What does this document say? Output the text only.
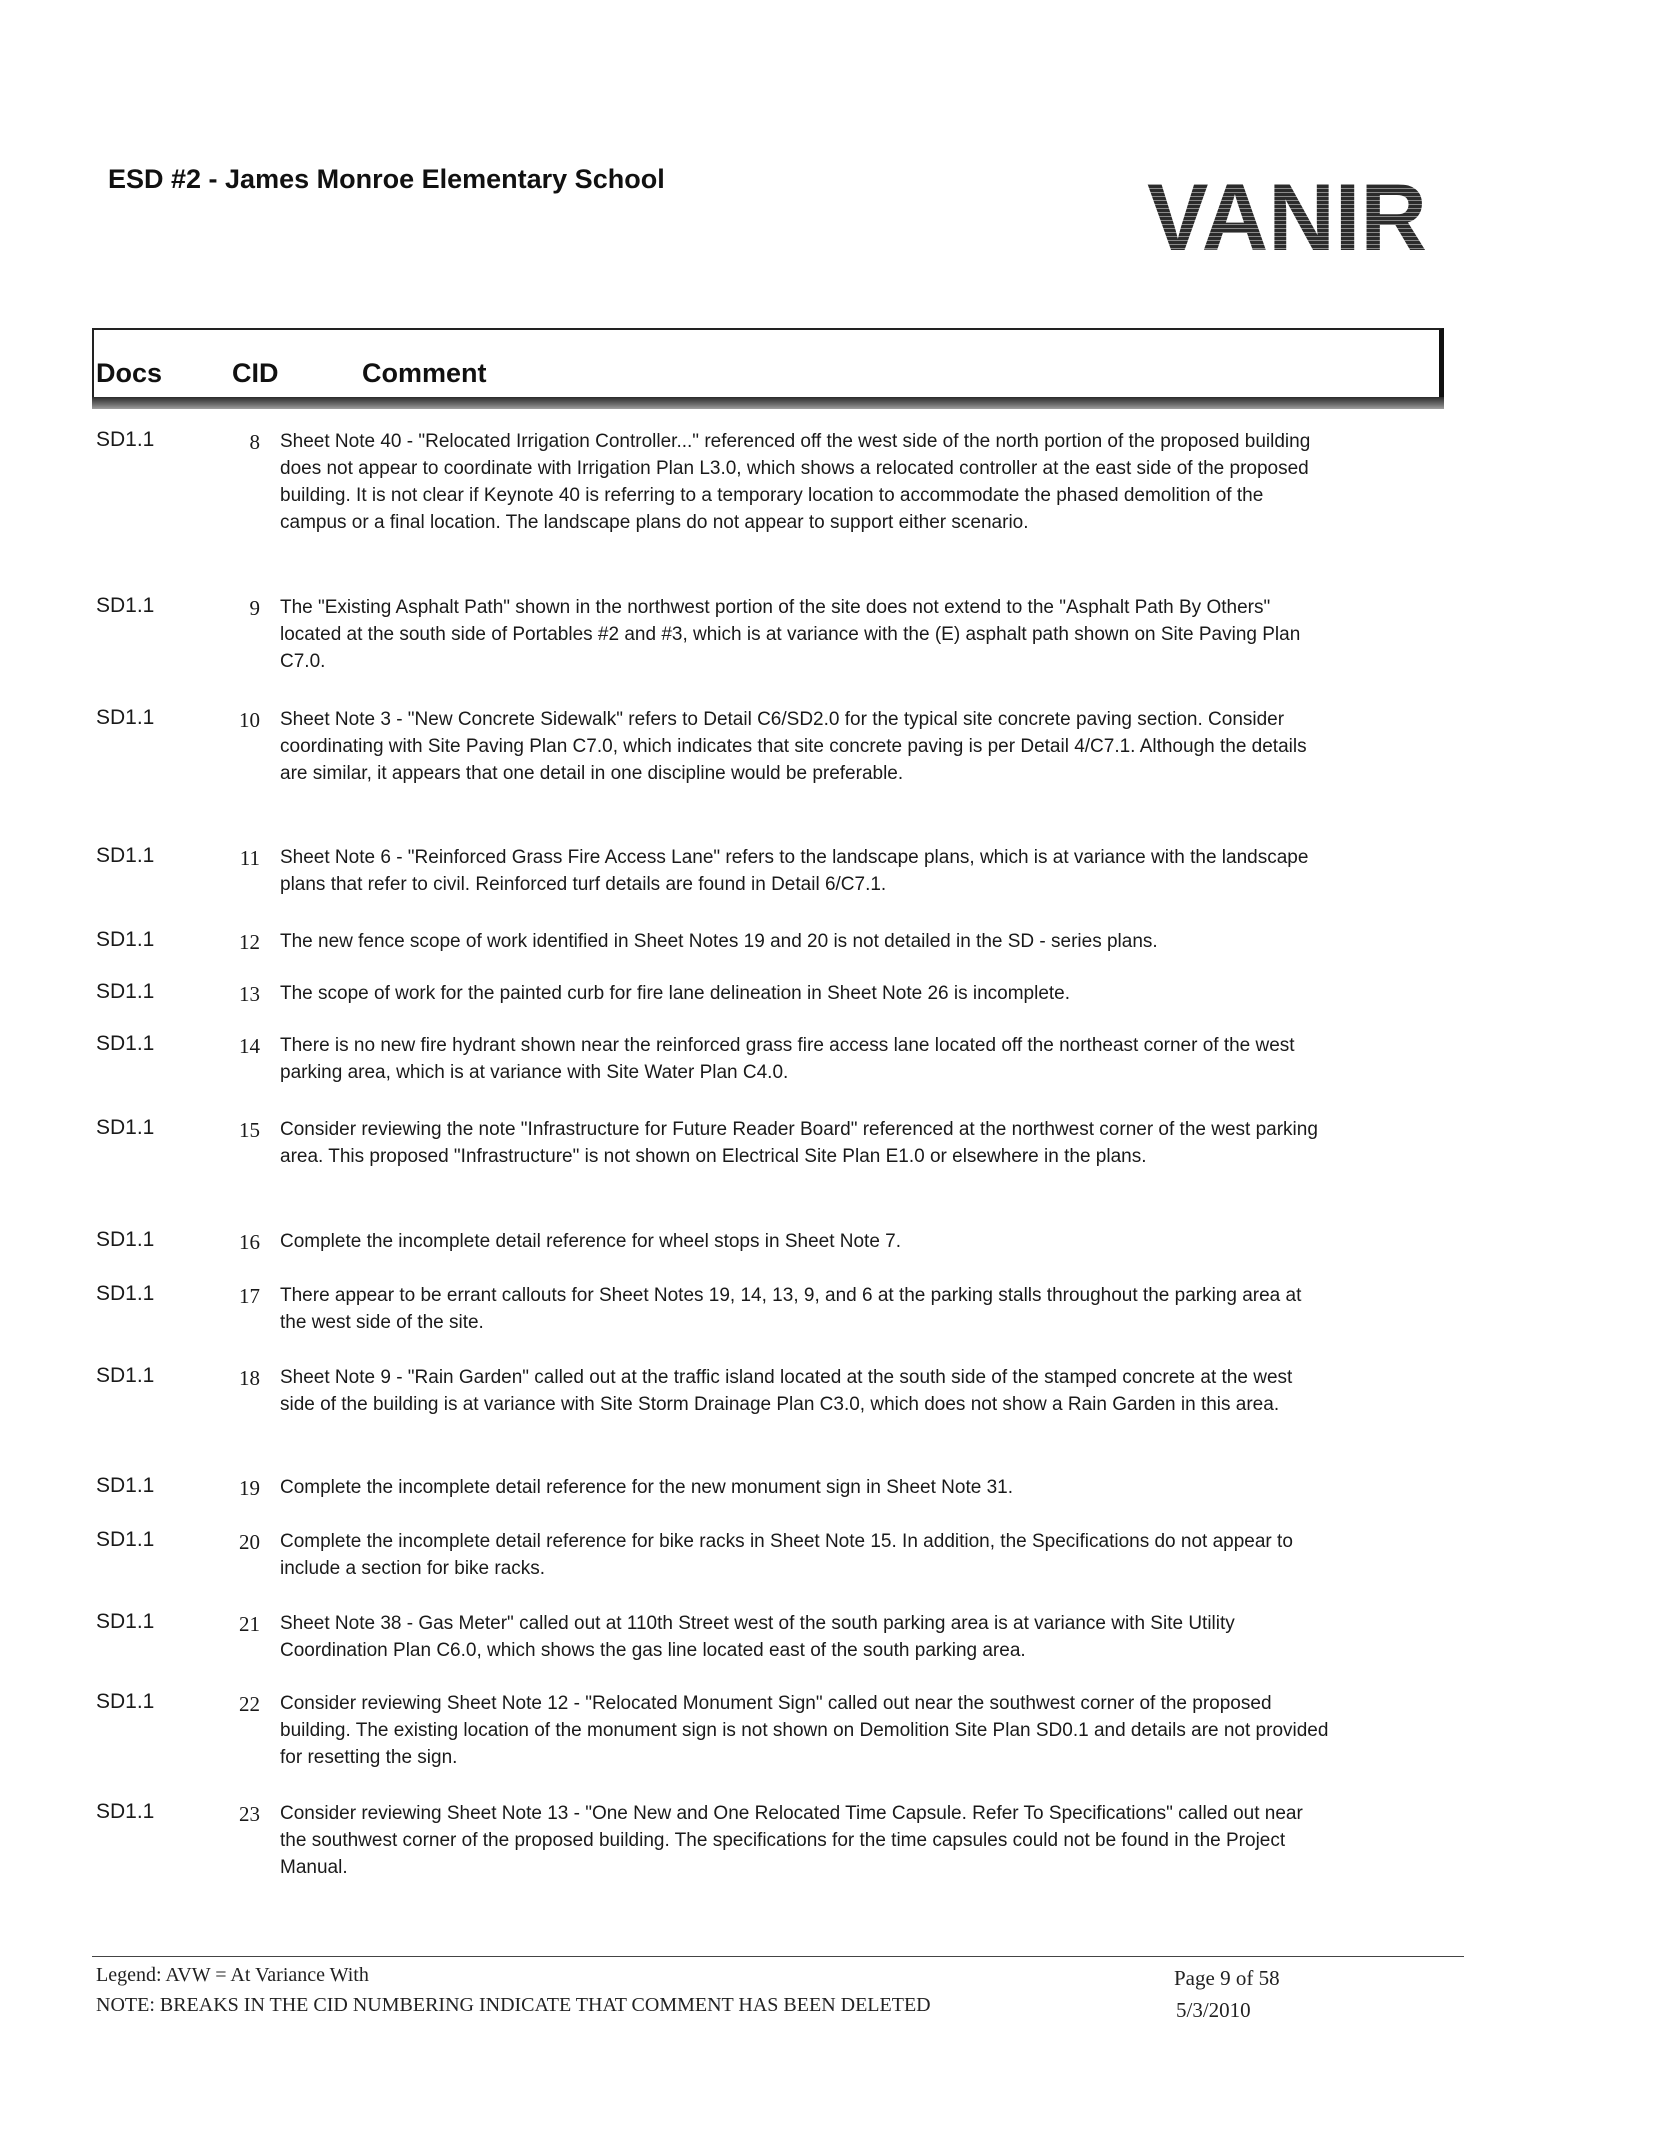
ESD #2 - James Monroe Elementary School	VANIR
Docs	CID	Comment
SD1.1	8 Sheet Note 40 - "Relocated Irrigation Controller..." referenced off the west side of the north portion of the proposed building does not appear to coordinate with Irrigation Plan L3.0, which shows a relocated controller at the east side of the proposed building. It is not clear if Keynote 40 is referring to a temporary location to accommodate the phased demolition of the campus or a final location. The landscape plans do not appear to support either scenario.
SD1.1	9 The "Existing Asphalt Path" shown in the northwest portion of the site does not extend to the "Asphalt Path By Others" located at the south side of Portables #2 and #3, which is at variance with the (E) asphalt path shown on Site Paving Plan C7.0.
SD1.1	10 Sheet Note 3 - "New Concrete Sidewalk" refers to Detail C6/SD2.0 for the typical site concrete paving section. Consider coordinating with Site Paving Plan C7.0, which indicates that site concrete paving is per Detail 4/C7.1. Although the details are similar, it appears that one detail in one discipline would be preferable.
SD1.1	11 Sheet Note 6 - "Reinforced Grass Fire Access Lane" refers to the landscape plans, which is at variance with the landscape plans that refer to civil. Reinforced turf details are found in Detail 6/C7.1.
SD1.1	12 The new fence scope of work identified in Sheet Notes 19 and 20 is not detailed in the SD - series plans.
SD1.1	13 The scope of work for the painted curb for fire lane delineation in Sheet Note 26 is incomplete.
SD1.1	14 There is no new fire hydrant shown near the reinforced grass fire access lane located off the northeast corner of the west parking area, which is at variance with Site Water Plan C4.0.
SD1.1	15 Consider reviewing the note "Infrastructure for Future Reader Board" referenced at the northwest corner of the west parking area. This proposed "Infrastructure" is not shown on Electrical Site Plan E1.0 or elsewhere in the plans.
SD1.1	16 Complete the incomplete detail reference for wheel stops in Sheet Note 7.
SD1.1	17 There appear to be errant callouts for Sheet Notes 19, 14, 13, 9, and 6 at the parking stalls throughout the parking area at the west side of the site.
SD1.1	18 Sheet Note 9 - "Rain Garden" called out at the traffic island located at the south side of the stamped concrete at the west side of the building is at variance with Site Storm Drainage Plan C3.0, which does not show a Rain Garden in this area.
SD1.1	19 Complete the incomplete detail reference for the new monument sign in Sheet Note 31.
SD1.1	20 Complete the incomplete detail reference for bike racks in Sheet Note 15. In addition, the Specifications do not appear to include a section for bike racks.
SD1.1	21 Sheet Note 38 - Gas Meter" called out at 110th Street west of the south parking area is at variance with Site Utility Coordination Plan C6.0, which shows the gas line located east of the south parking area.
SD1.1	22 Consider reviewing Sheet Note 12 - "Relocated Monument Sign" called out near the southwest corner of the proposed building. The existing location of the monument sign is not shown on Demolition Site Plan SD0.1 and details are not provided for resetting the sign.
SD1.1	23 Consider reviewing Sheet Note 13 - "One New and One Relocated Time Capsule. Refer To Specifications" called out near the southwest corner of the proposed building. The specifications for the time capsules could not be found in the Project Manual.
Legend: AVW = At Variance With
NOTE: BREAKS IN THE CID NUMBERING INDICATE THAT COMMENT HAS BEEN DELETED
Page 9 of 58
5/3/2010
